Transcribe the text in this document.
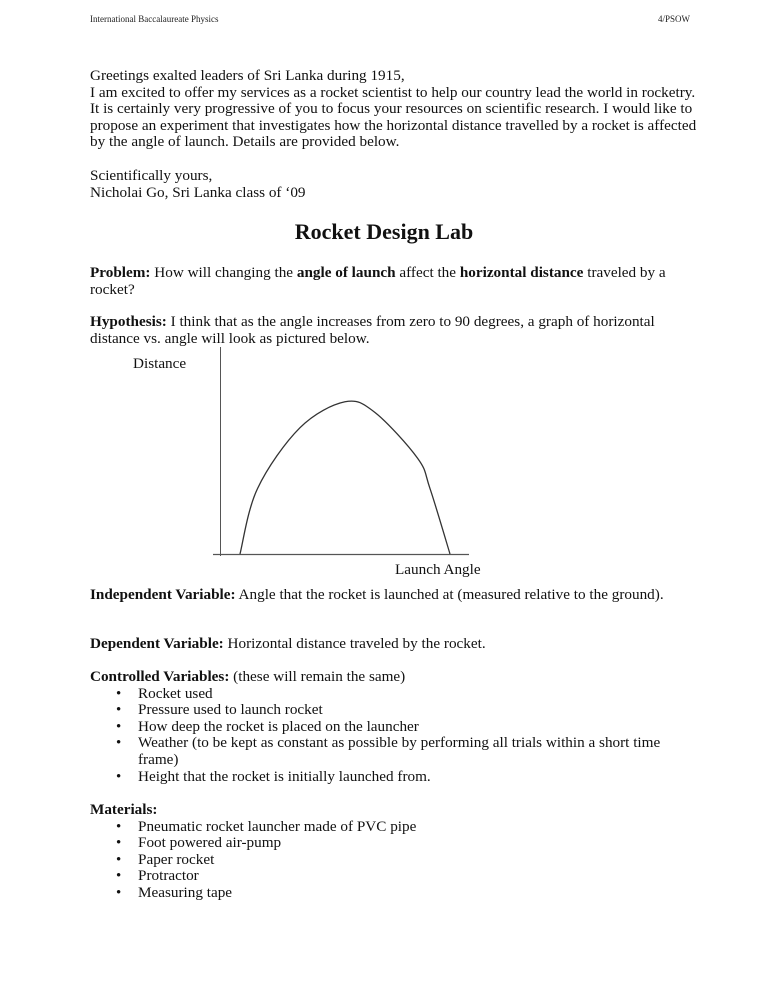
International Baccalaureate Physics	4/PSOW
Greetings exalted leaders of Sri Lanka during 1915,
I am excited to offer my services as a rocket scientist to help our country lead the world in rocketry. It is certainly very progressive of you to focus your resources on scientific research. I would like to propose an experiment that investigates how the horizontal distance travelled by a rocket is affected by the angle of launch. Details are provided below.
Scientifically yours,
Nicholai Go, Sri Lanka class of ‘09
Rocket Design Lab
Problem: How will changing the angle of launch affect the horizontal distance traveled by a rocket?
Hypothesis: I think that as the angle increases from zero to 90 degrees, a graph of horizontal distance vs. angle will look as pictured below.
Distance
Launch Angle
Independent Variable: Angle that the rocket is launched at (measured relative to the ground).
Dependent Variable: Horizontal distance traveled by the rocket.
Controlled Variables: (these will remain the same)
• Rocket used
• Pressure used to launch rocket
• How deep the rocket is placed on the launcher
• Weather (to be kept as constant as possible by performing all trials within a short time frame)
• Height that the rocket is initially launched from.
Materials:
• Pneumatic rocket launcher made of PVC pipe
• Foot powered air-pump
• Paper rocket
• Protractor
• Measuring tape
